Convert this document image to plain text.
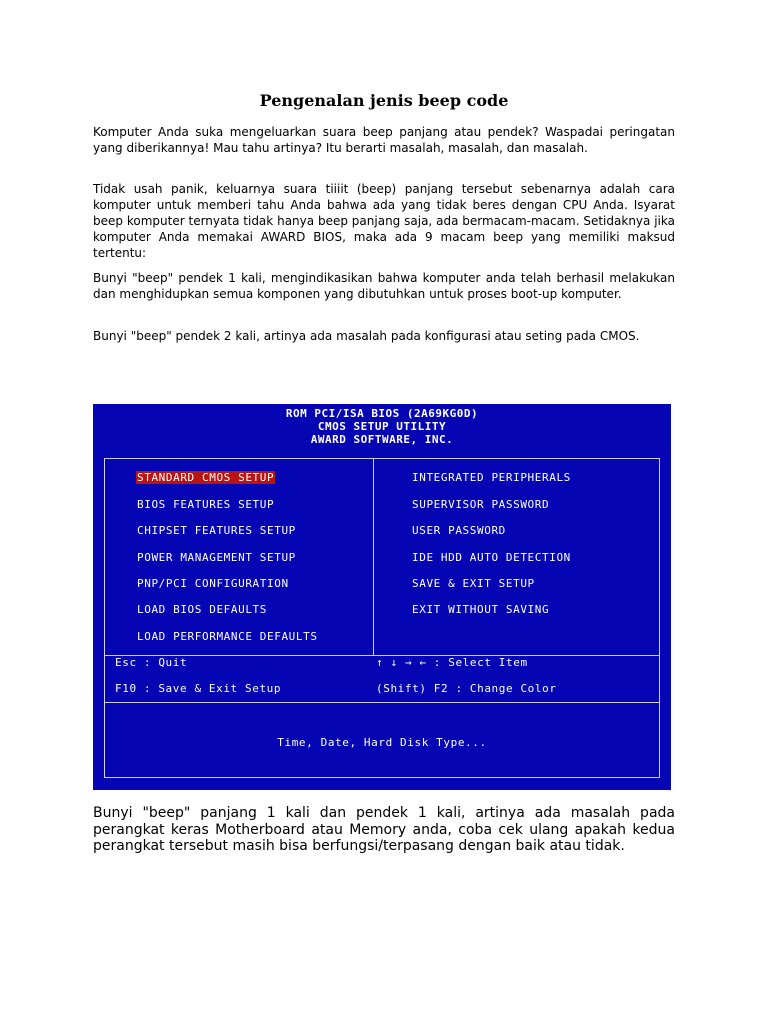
Pengenalan jenis beep code

Komputer Anda suka mengeluarkan suara beep panjang atau pendek? Waspadai peringatan yang diberikannya! Mau tahu artinya? Itu berarti masalah, masalah, dan masalah.

Tidak usah panik, keluarnya suara tiiiit (beep) panjang tersebut sebenarnya adalah cara komputer untuk memberi tahu Anda bahwa ada yang tidak beres dengan CPU Anda. Isyarat beep komputer ternyata tidak hanya beep panjang saja, ada bermacam-macam. Setidaknya jika komputer Anda memakai AWARD BIOS, maka ada 9 macam beep yang memiliki maksud tertentu:

Bunyi "beep" pendek 1 kali, mengindikasikan bahwa komputer anda telah berhasil melakukan dan menghidupkan semua komponen yang dibutuhkan untuk proses boot-up komputer.

Bunyi "beep" pendek 2 kali, artinya ada masalah pada konfigurasi atau seting pada CMOS.

ROM PCI/ISA BIOS (2A69KG0D)
CMOS SETUP UTILITY
AWARD SOFTWARE, INC.
STANDARD CMOS SETUP
BIOS FEATURES SETUP
CHIPSET FEATURES SETUP
POWER MANAGEMENT SETUP
PNP/PCI CONFIGURATION
LOAD BIOS DEFAULTS
LOAD PERFORMANCE DEFAULTS
INTEGRATED PERIPHERALS
SUPERVISOR PASSWORD
USER PASSWORD
IDE HDD AUTO DETECTION
SAVE & EXIT SETUP
EXIT WITHOUT SAVING
Esc : Quit	↑ ↓ → ← : Select Item
F10 : Save & Exit Setup	(Shift) F2 : Change Color
Time, Date, Hard Disk Type...

Bunyi "beep" panjang 1 kali dan pendek 1 kali, artinya ada masalah pada perangkat keras Motherboard atau Memory anda, coba cek ulang apakah kedua perangkat tersebut masih bisa berfungsi/terpasang dengan baik atau tidak.
